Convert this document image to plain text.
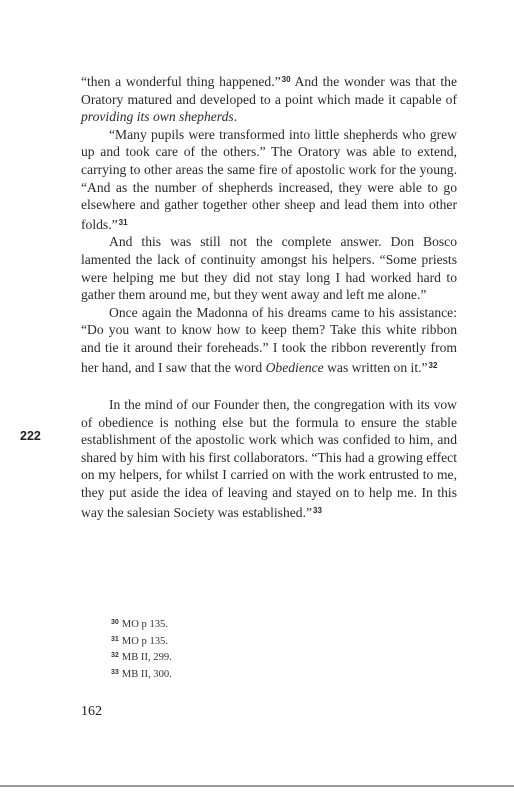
“then a wonderful thing happened.”$^{30}$ And the wonder was that the Oratory matured and developed to a point which made it capable of providing its own shepherds.

“Many pupils were transformed into little shepherds who grew up and took care of the others.” The Oratory was able to extend, carrying to other areas the same fire of apostolic work for the young. “And as the number of shepherds increased, they were able to go elsewhere and gather together other sheep and lead them into other folds.”$^{31}$

And this was still not the complete answer. Don Bosco lamented the lack of continuity amongst his helpers. “Some priests were helping me but they did not stay long I had worked hard to gather them around me, but they went away and left me alone.”

Once again the Madonna of his dreams came to his assistance: “Do you want to know how to keep them? Take this white ribbon and tie it around their foreheads.” I took the ribbon reverently from her hand, and I saw that the word Obedience was written on it.”$^{32}$

In the mind of our Founder then, the congregation with its vow of obedience is nothing else but the formula to ensure the stable establishment of the apostolic work which was confided to him, and shared by him with his first collaborators. “This had a growing effect on my helpers, for whilst I carried on with the work entrusted to me, they put aside the idea of leaving and stayed on to help me. In this way the salesian Society was established.”$^{33}$

222
$^{30}$ MO p 135.
$^{31}$ MO p 135.
$^{32}$ MB II, 299.
$^{33}$ MB II, 300.
162
